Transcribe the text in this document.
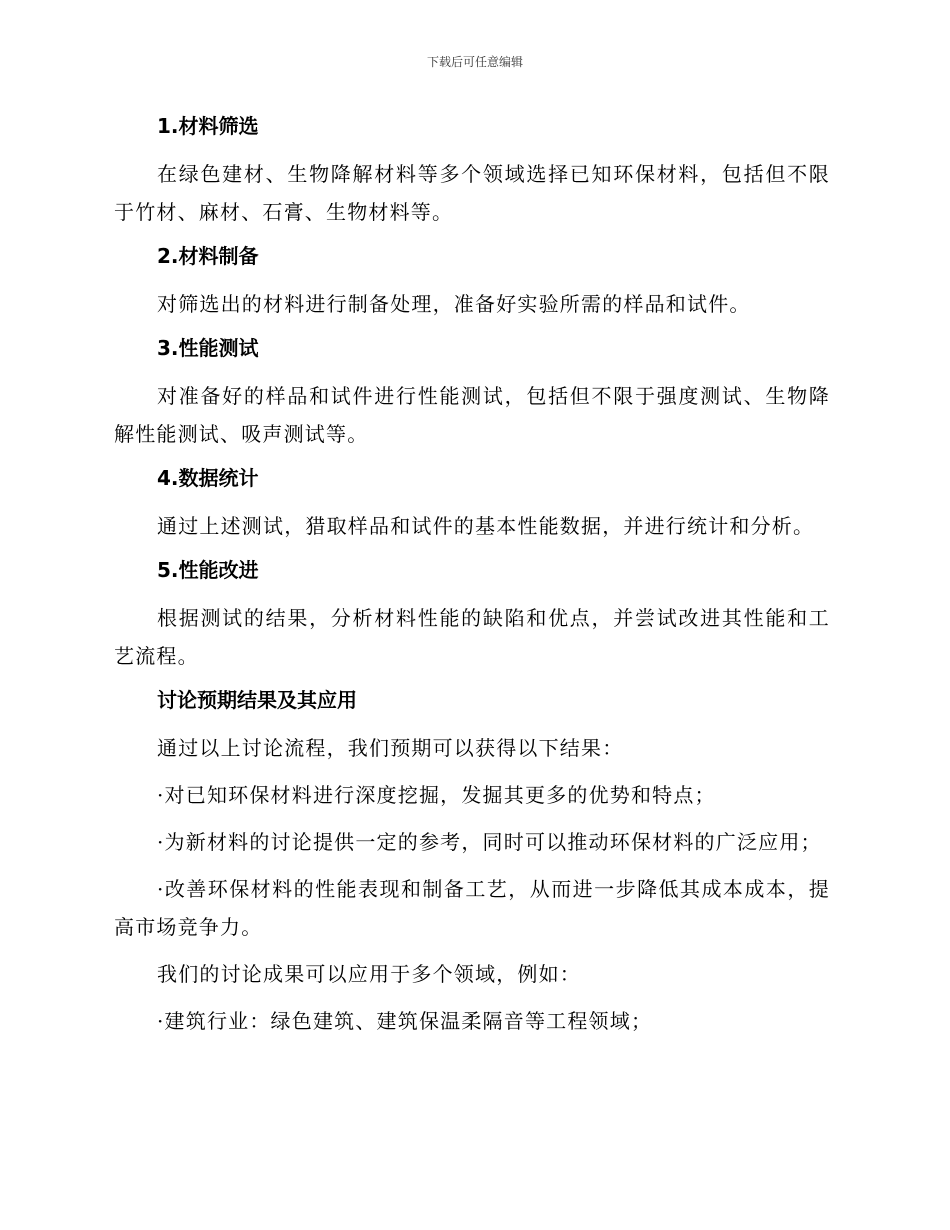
下载后可任意编辑
1.材料筛选

在绿色建材、生物降解材料等多个领域选择已知环保材料，包括但不限于竹材、麻材、石膏、生物材料等。

2.材料制备

对筛选出的材料进行制备处理，准备好实验所需的样品和试件。

3.性能测试

对准备好的样品和试件进行性能测试，包括但不限于强度测试、生物降解性能测试、吸声测试等。

4.数据统计

通过上述测试，猎取样品和试件的基本性能数据，并进行统计和分析。

5.性能改进

根据测试的结果，分析材料性能的缺陷和优点，并尝试改进其性能和工艺流程。

讨论预期结果及其应用

通过以上讨论流程，我们预期可以获得以下结果：

·对已知环保材料进行深度挖掘，发掘其更多的优势和特点；

·为新材料的讨论提供一定的参考，同时可以推动环保材料的广泛应用；

·改善环保材料的性能表现和制备工艺，从而进一步降低其成本成本，提高市场竞争力。

我们的讨论成果可以应用于多个领域，例如：

·建筑行业：绿色建筑、建筑保温柔隔音等工程领域；
